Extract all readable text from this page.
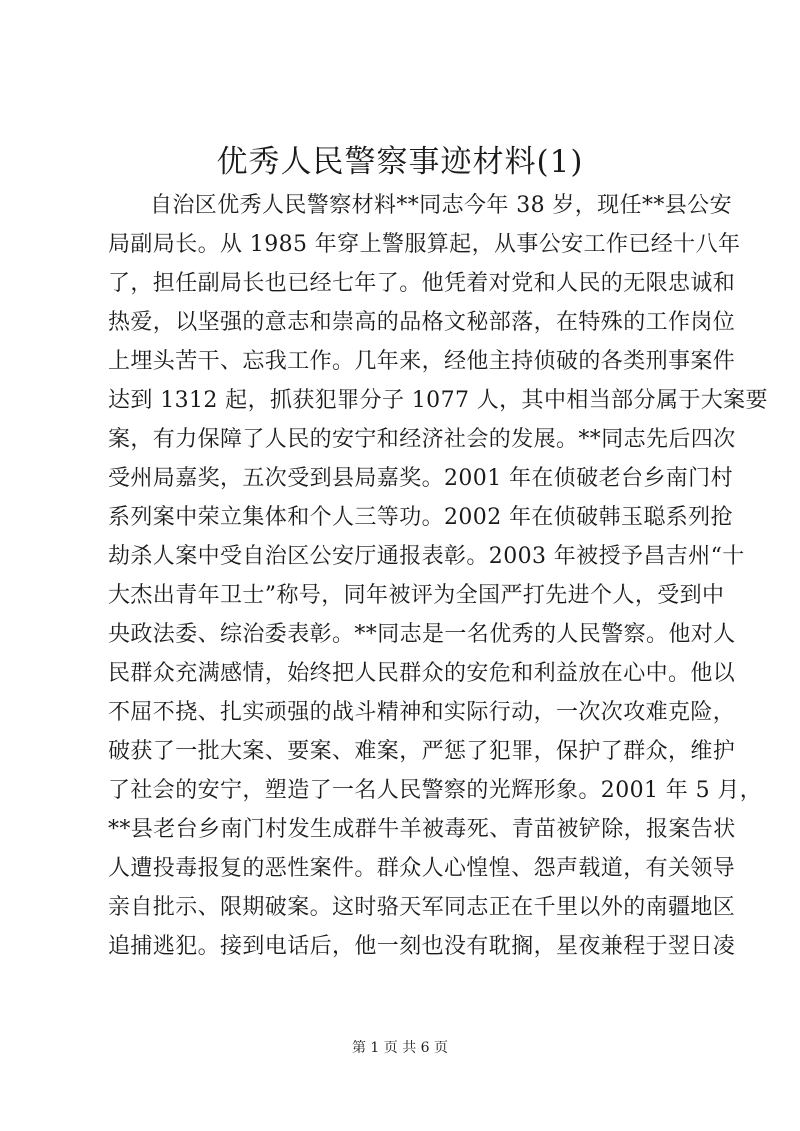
优秀人民警察事迹材料(1)
自治区优秀人民警察材料**同志今年 38 岁，现任**县公安
局副局长。从 1985 年穿上警服算起，从事公安工作已经十八年
了，担任副局长也已经七年了。他凭着对党和人民的无限忠诚和
热爱，以坚强的意志和崇高的品格文秘部落，在特殊的工作岗位
上埋头苦干、忘我工作。几年来，经他主持侦破的各类刑事案件
达到 1312 起，抓获犯罪分子 1077 人，其中相当部分属于大案要
案，有力保障了人民的安宁和经济社会的发展。**同志先后四次
受州局嘉奖，五次受到县局嘉奖。2001 年在侦破老台乡南门村
系列案中荣立集体和个人三等功。2002 年在侦破韩玉聪系列抢
劫杀人案中受自治区公安厅通报表彰。2003 年被授予昌吉州“十
大杰出青年卫士”称号，同年被评为全国严打先进个人，受到中
央政法委、综治委表彰。**同志是一名优秀的人民警察。他对人
民群众充满感情，始终把人民群众的安危和利益放在心中。他以
不屈不挠、扎实顽强的战斗精神和实际行动，一次次攻难克险，
破获了一批大案、要案、难案，严惩了犯罪，保护了群众，维护
了社会的安宁，塑造了一名人民警察的光辉形象。2001 年 5 月，
**县老台乡南门村发生成群牛羊被毒死、青苗被铲除，报案告状
人遭投毒报复的恶性案件。群众人心惶惶、怨声载道，有关领导
亲自批示、限期破案。这时骆天军同志正在千里以外的南疆地区
追捕逃犯。接到电话后，他一刻也没有耽搁，星夜兼程于翌日凌
第 1 页 共 6 页
